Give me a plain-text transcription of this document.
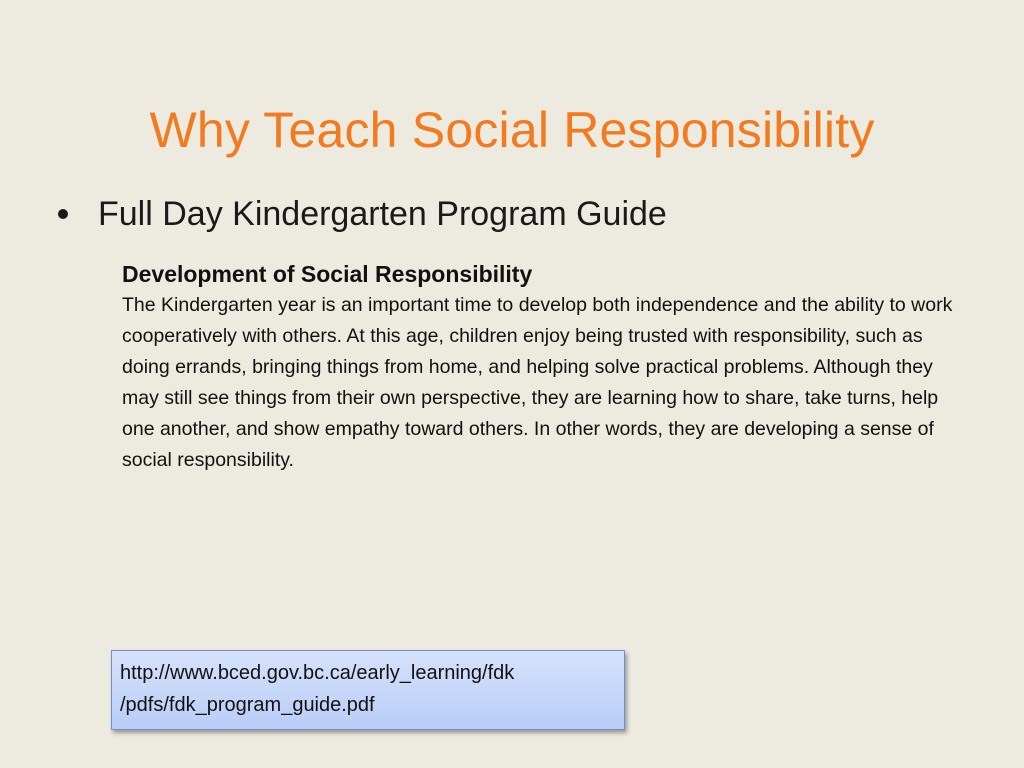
Why Teach Social Responsibility
Full Day Kindergarten Program Guide

Development of Social Responsibility

The Kindergarten year is an important time to develop both independence and the ability to work cooperatively with others. At this age, children enjoy being trusted with responsibility, such as doing errands, bringing things from home, and helping solve practical problems. Although they may still see things from their own perspective, they are learning how to share, take turns, help one another, and show empathy toward others. In other words, they are developing a sense of social responsibility.

http://www.bced.gov.bc.ca/early_learning/fdk
/pdfs/fdk_program_guide.pdf
